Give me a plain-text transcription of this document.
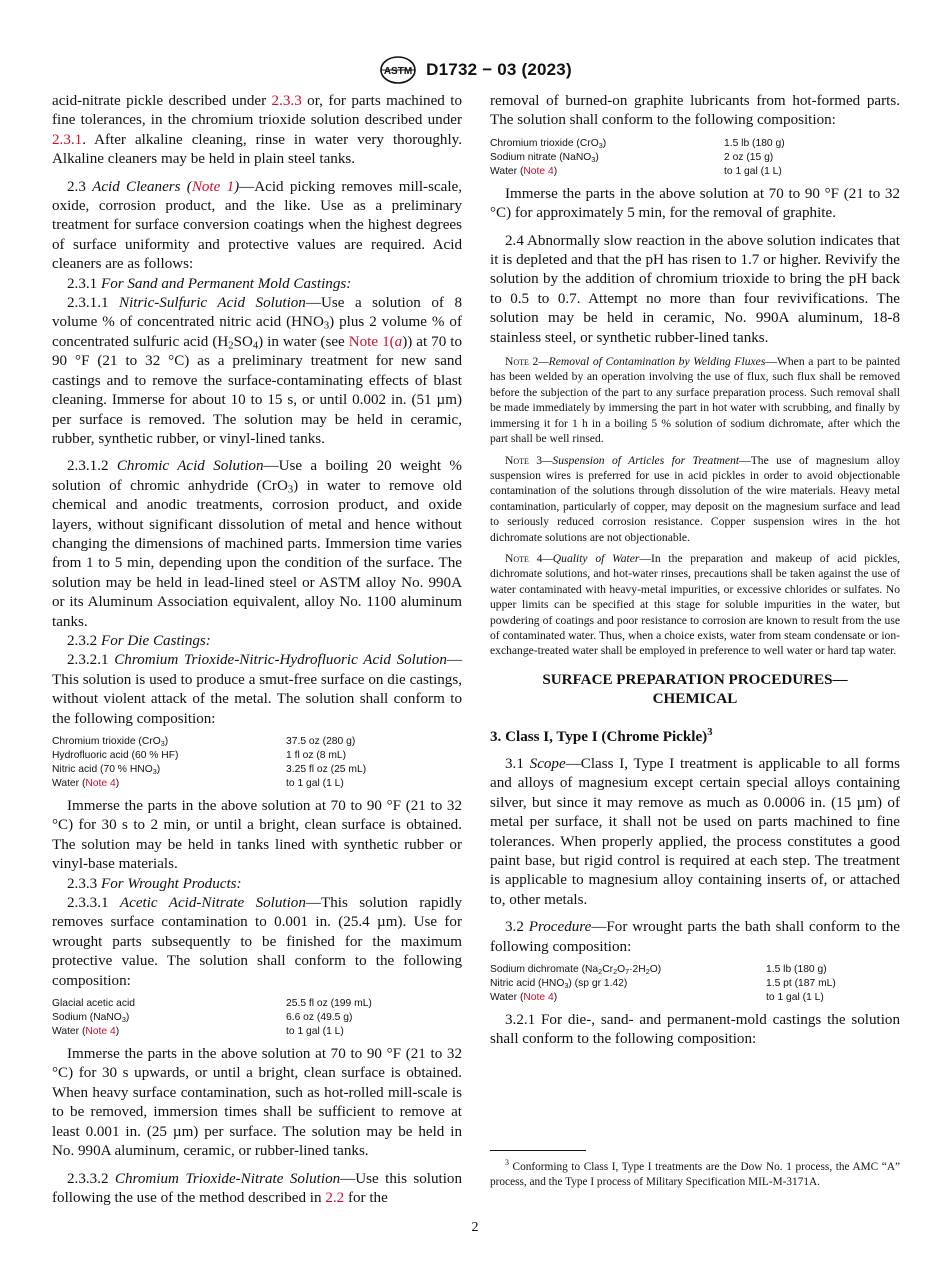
ASTM D1732 − 03 (2023)

acid-nitrate pickle described under 2.3.3 or, for parts machined to fine tolerances, in the chromium trioxide solution described under 2.3.1. After alkaline cleaning, rinse in water very thoroughly. Alkaline cleaners may be held in plain steel tanks.

2.3 Acid Cleaners (Note 1)—Acid picking removes mill-scale, oxide, corrosion product, and the like. Use as a preliminary treatment for surface conversion coatings when the highest degrees of surface uniformity and protective values are required. Acid cleaners are as follows:

2.3.1 For Sand and Permanent Mold Castings:

2.3.1.1 Nitric-Sulfuric Acid Solution—Use a solution of 8 volume % of concentrated nitric acid $(HNO_3)$ plus 2 volume % of concentrated sulfuric acid $(H_2SO_4)$ in water (see Note 1(a)) at 70 to 90 °F (21 to 32 °C) as a preliminary treatment for new sand castings and to remove the surface-contaminating effects of blast cleaning. Immerse for about 10 to 15 s, or until 0.002 in. (51 µm) per surface is removed. The solution may be held in ceramic, rubber, synthetic rubber, or vinyl-lined tanks.

2.3.1.2 Chromic Acid Solution—Use a boiling 20 weight % solution of chromic anhydride (CrO$_3$) in water to remove old chemical and anodic treatments, corrosion product, and oxide layers, without significant dissolution of metal and hence without changing the dimensions of machined parts. Immersion time varies from 1 to 5 min, depending upon the condition of the surface. The solution may be held in lead-lined steel or ASTM alloy No. 990A or its Aluminum Association equivalent, alloy No. 1100 aluminum tanks.

2.3.2 For Die Castings:

2.3.2.1 Chromium Trioxide-Nitric-Hydrofluoric Acid Solution—This solution is used to produce a smut-free surface on die castings, without violent attack of the metal. The solution shall conform to the following composition:

Chromium trioxide (CrO$_3$)	37.5 oz (280 g)
Hydrofluoric acid (60 % HF)	1 fl oz (8 mL)
Nitric acid (70 % $HNO_3$)	3.25 fl oz (25 mL)
Water (Note 4)	to 1 gal (1 L)

Immerse the parts in the above solution at 70 to 90 °F (21 to 32 °C) for 30 s to 2 min, or until a bright, clean surface is obtained. The solution may be held in tanks lined with synthetic rubber or vinyl-base materials.

2.3.3 For Wrought Products:

2.3.3.1 Acetic Acid-Nitrate Solution—This solution rapidly removes surface contamination to 0.001 in. (25.4 µm). Use for wrought parts subsequently to be finished for the maximum protective value. The solution shall conform to the following composition:

Glacial acetic acid	25.5 fl oz (199 mL)
Sodium (NaNO$_3$)	6.6 oz (49.5 g)
Water (Note 4)	to 1 gal (1 L)

Immerse the parts in the above solution at 70 to 90 °F (21 to 32 °C) for 30 s upwards, or until a bright, clean surface is obtained. When heavy surface contamination, such as hot-rolled mill-scale is to be removed, immersion times shall be sufficient to remove at least 0.001 in. (25 µm) per surface. The solution may be held in No. 990A aluminum, ceramic, or rubber-lined tanks.

2.3.3.2 Chromium Trioxide-Nitrate Solution—Use this solution following the use of the method described in 2.2 for the

removal of burned-on graphite lubricants from hot-formed parts. The solution shall conform to the following composition:

Chromium trioxide (CrO$_3$)	1.5 lb (180 g)
Sodium nitrate (NaNO$_3$)	2 oz (15 g)
Water (Note 4)	to 1 gal (1 L)

Immerse the parts in the above solution at 70 to 90 °F (21 to 32 °C) for approximately 5 min, for the removal of graphite.

2.4 Abnormally slow reaction in the above solution indicates that it is depleted and that the pH has risen to 1.7 or higher. Revivify the solution by the addition of chromium trioxide to bring the pH back to 0.5 to 0.7. Attempt no more than four revivifications. The solution may be held in ceramic, No. 990A aluminum, 18-8 stainless steel, or synthetic rubber-lined tanks.

Note 2—Removal of Contamination by Welding Fluxes—When a part to be painted has been welded by an operation involving the use of flux, such flux shall be removed before the subjection of the part to any surface preparation process. Such removal shall be made immediately by immersing the part in hot water with scrubbing, and finally by immersing it for 1 h in a boiling 5 % solution of sodium dichromate, after which the part shall be well rinsed.

Note 3—Suspension of Articles for Treatment—The use of magnesium alloy suspension wires is preferred for use in acid pickles in order to avoid objectionable contamination of the solutions through dissolution of the wire materials. Heavy metal contamination, particularly of copper, may deposit on the magnesium surface and lead to seriously reduced corrosion resistance. Copper suspension wires in the hot dichromate solutions are not objectionable.

Note 4—Quality of Water—In the preparation and makeup of acid pickles, dichromate solutions, and hot-water rinses, precautions shall be taken against the use of water contaminated with heavy-metal impurities, or excessive chlorides or sulfates. No upper limits can be specified at this stage for soluble impurities in the water, but powdering of coatings and poor resistance to corrosion are known to result from the use of contaminated water. Thus, when a choice exists, water from steam condensate or ion-exchange-treated water shall be employed in preference to well water or hard tap water.

SURFACE PREPARATION PROCEDURES—
CHEMICAL

3. Class I, Type I (Chrome Pickle)$^3$

3.1 Scope—Class I, Type I treatment is applicable to all forms and alloys of magnesium except certain special alloys containing silver, but since it may remove as much as 0.0006 in. (15 µm) of metal per surface, it shall not be used on parts machined to fine tolerances. When properly applied, the process constitutes a good paint base, but rigid control is required at each step. The treatment is applicable to magnesium alloy containing inserts of, or attached to, other metals.

3.2 Procedure—For wrought parts the bath shall conform to the following composition:

Sodium dichromate $(Na_2Cr_2O_7\cdot 2H_2O)$	1.5 lb (180 g)
Nitric acid $(HNO_3)$ (sp gr 1.42)	1.5 pt (187 mL)
Water (Note 4)	to 1 gal (1 L)

3.2.1 For die-, sand- and permanent-mold castings the solution shall conform to the following composition:

$^3$ Conforming to Class I, Type I treatments are the Dow No. 1 process, the AMC “A” process, and the Type I process of Military Specification MIL-M-3171A.

2
